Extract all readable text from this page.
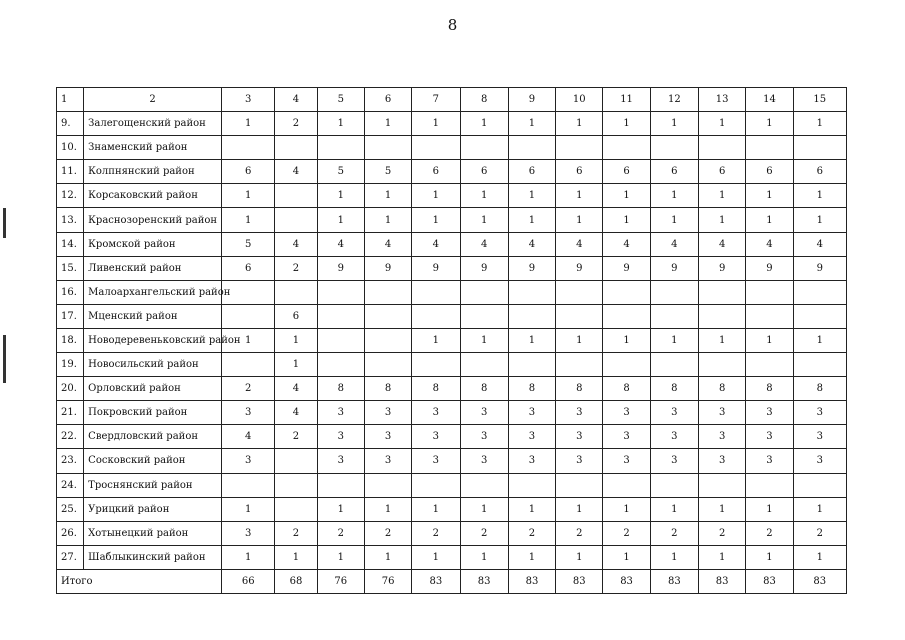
8
1	2	3	4	5	6	7	8	9	10	11	12	13	14	15
9.	Залегощенский район	1	2	1	1	1	1	1	1	1	1	1	1	1
10.	Знаменский район													
11.	Колпнянский район	6	4	5	5	6	6	6	6	6	6	6	6	6
12.	Корсаковский район	1		1	1	1	1	1	1	1	1	1	1	1
13.	Краснозоренский район	1		1	1	1	1	1	1	1	1	1	1	1
14.	Кромской район	5	4	4	4	4	4	4	4	4	4	4	4	4
15.	Ливенский район	6	2	9	9	9	9	9	9	9	9	9	9	9
16.	Малоархангельский район													
17.	Мценский район		6											
18.	Новодеревеньковский район	1	1			1	1	1	1	1	1	1	1	1
19.	Новосильский район		1											
20.	Орловский район	2	4	8	8	8	8	8	8	8	8	8	8	8
21.	Покровский район	3	4	3	3	3	3	3	3	3	3	3	3	3
22.	Свердловский район	4	2	3	3	3	3	3	3	3	3	3	3	3
23.	Сосковский район	3		3	3	3	3	3	3	3	3	3	3	3
24.	Троснянский район													
25.	Урицкий район	1		1	1	1	1	1	1	1	1	1	1	1
26.	Хотынецкий район	3	2	2	2	2	2	2	2	2	2	2	2	2
27.	Шаблыкинский район	1	1	1	1	1	1	1	1	1	1	1	1	1
Итого		66	68	76	76	83	83	83	83	83	83	83	83	83
